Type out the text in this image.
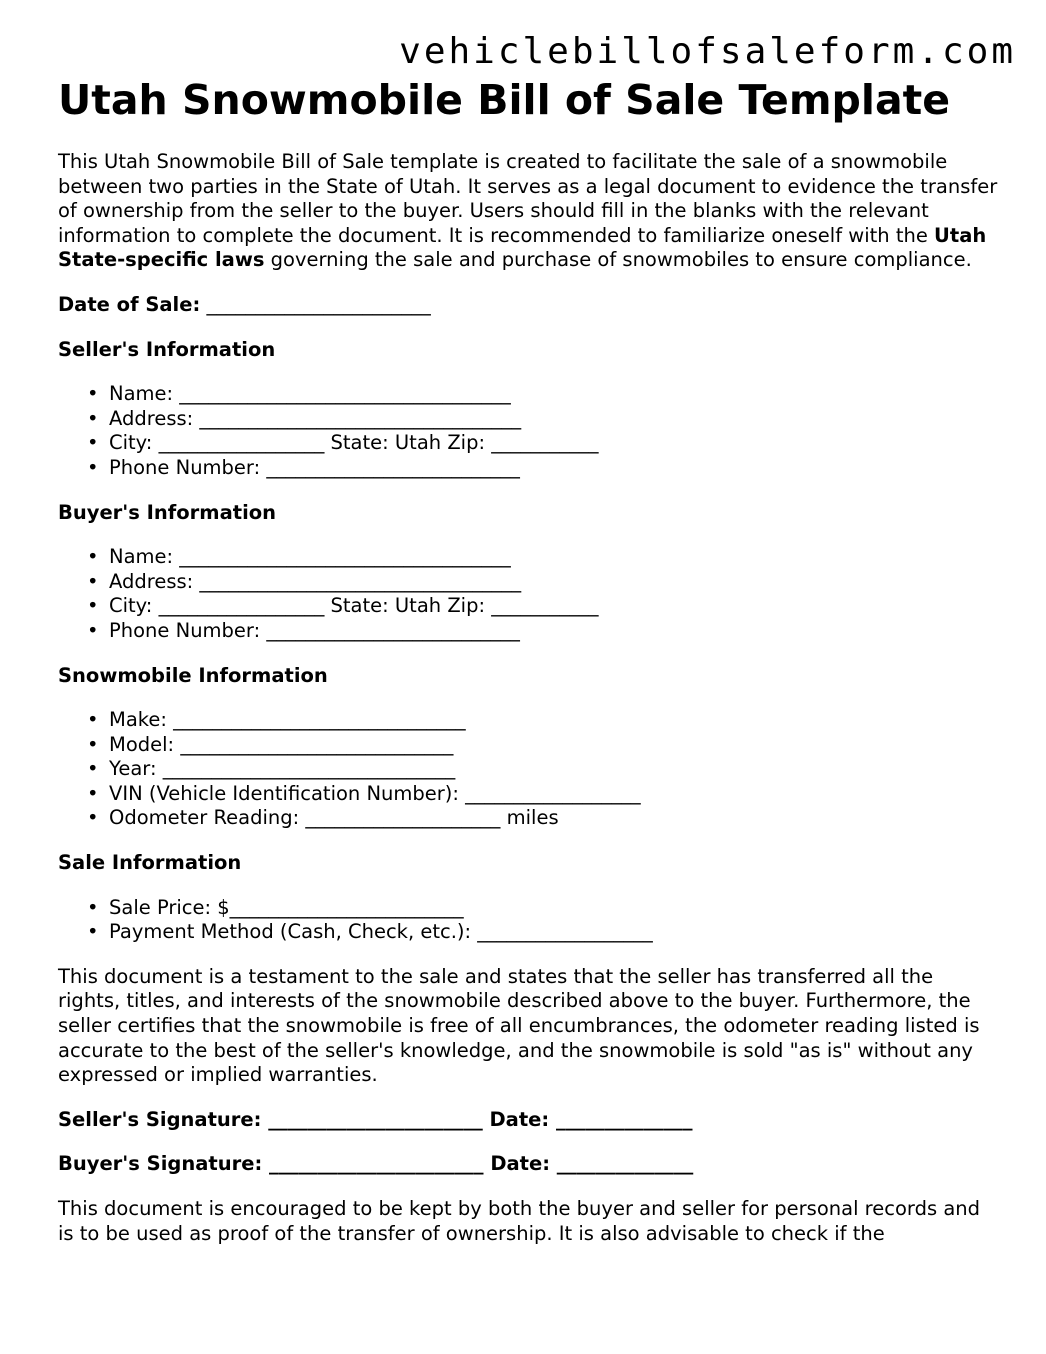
vehiclebillofsaleform.com
Utah Snowmobile Bill of Sale Template

This Utah Snowmobile Bill of Sale template is created to facilitate the sale of a snowmobile between two parties in the State of Utah. It serves as a legal document to evidence the transfer of ownership from the seller to the buyer. Users should fill in the blanks with the relevant information to complete the document. It is recommended to familiarize oneself with the Utah State-specific laws governing the sale and purchase of snowmobiles to ensure compliance.

Date of Sale: _______________________
Seller's Information
• Name: __________________________________
• Address: _________________________________
• City: _________________ State: Utah Zip: ___________
• Phone Number: __________________________
Buyer's Information
• Name: __________________________________
• Address: _________________________________
• City: _________________ State: Utah Zip: ___________
• Phone Number: __________________________
Snowmobile Information
• Make: ______________________________
• Model: ____________________________
• Year: ______________________________
• VIN (Vehicle Identification Number): __________________
• Odometer Reading: ____________________ miles
Sale Information
• Sale Price: $________________________
• Payment Method (Cash, Check, etc.): __________________

This document is a testament to the sale and states that the seller has transferred all the rights, titles, and interests of the snowmobile described above to the buyer. Furthermore, the seller certifies that the snowmobile is free of all encumbrances, the odometer reading listed is accurate to the best of the seller's knowledge, and the snowmobile is sold "as is" without any expressed or implied warranties.

Seller's Signature: ______________________ Date: ______________
Buyer's Signature: ______________________ Date: ______________

This document is encouraged to be kept by both the buyer and seller for personal records and is to be used as proof of the transfer of ownership. It is also advisable to check if the
